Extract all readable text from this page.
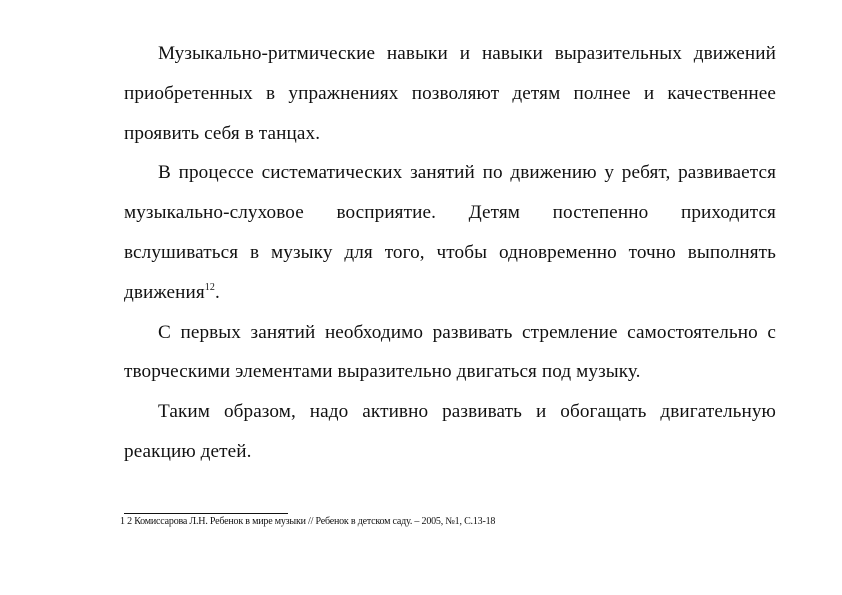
Музыкально-ритмические навыки и навыки выразительных движений приобретенных в упражнениях позволяют детям полнее и качественнее проявить себя в танцах.

В процессе систематических занятий по движению у ребят, развивается музыкально-слуховое восприятие. Детям постепенно приходится вслушиваться в музыку для того, чтобы одновременно точно выполнять движения$^{12}$.

С первых занятий необходимо развивать стремление самостоятельно с творческими элементами выразительно двигаться под музыку.

Таким образом, надо активно развивать и обогащать двигательную реакцию детей.

1 2 Комиссарова Л.Н. Ребенок в мире музыки // Ребенок в детском саду. – 2005, №1, С.13-18
